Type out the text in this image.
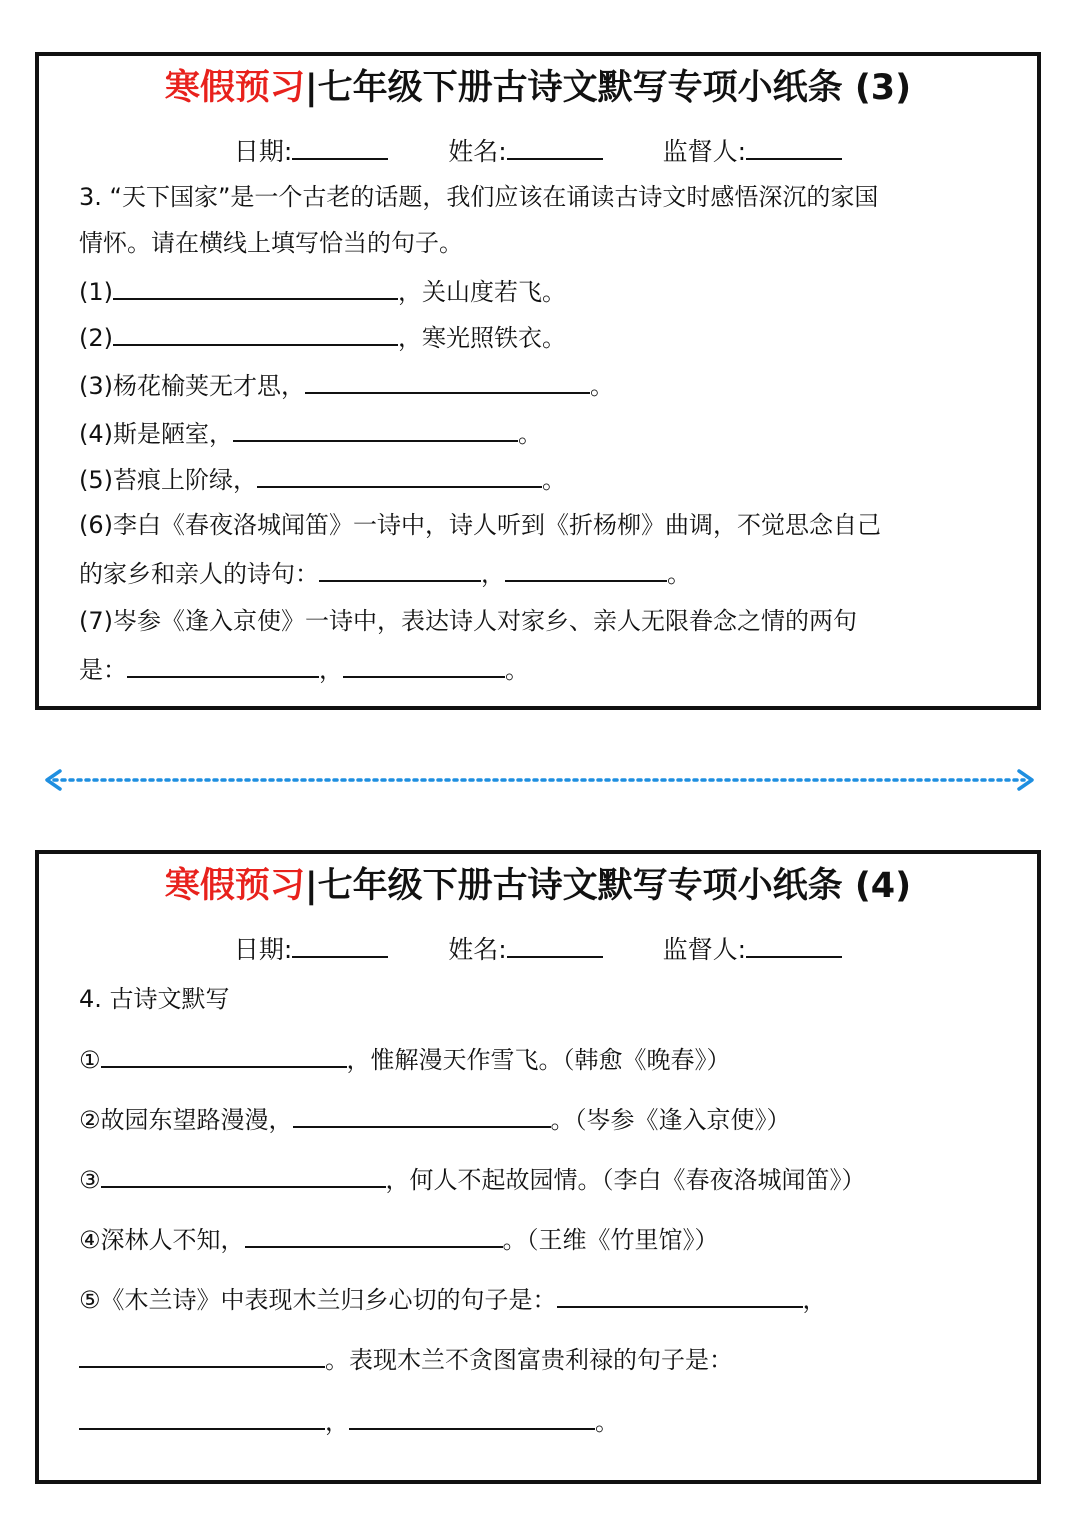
寒假预习|七年级下册古诗文默写专项小纸条 (3)
日期:	姓名:	监督人:
3. “天下国家”是一个古老的话题，我们应该在诵读古诗文时感悟深沉的家国
情怀。请在横线上填写恰当的句子。
(1)	，关山度若飞。
(2)	，寒光照铁衣。
(3)杨花榆荚无才思，	。
(4)斯是陋室，	。
(5)苔痕上阶绿，	。
(6)李白《春夜洛城闻笛》一诗中，诗人听到《折杨柳》曲调，不觉思念自己
的家乡和亲人的诗句：	，	。
(7)岑参《逢入京使》一诗中，表达诗人对家乡、亲人无限眷念之情的两句
是：	，	。
寒假预习|七年级下册古诗文默写专项小纸条 (4)
日期:	姓名:	监督人:
4. 古诗文默写
①	，惟解漫天作雪飞。（韩愈《晚春》）
②故园东望路漫漫，	。（岑参《逢入京使》）
③	，何人不起故园情。（李白《春夜洛城闻笛》）
④深林人不知，	。（王维《竹里馆》）
⑤《木兰诗》中表现木兰归乡心切的句子是：	，
。表现木兰不贪图富贵利禄的句子是：
，	。
